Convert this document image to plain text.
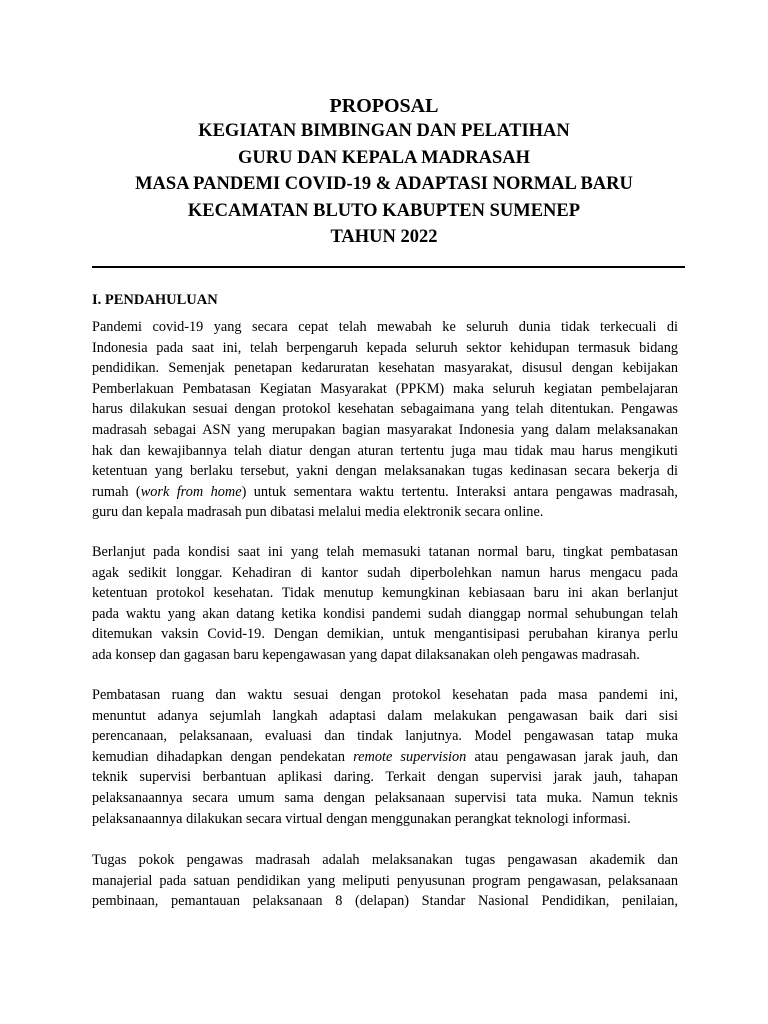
PROPOSAL
KEGIATAN BIMBINGAN DAN PELATIHAN
GURU DAN KEPALA MADRASAH
MASA PANDEMI COVID-19 & ADAPTASI NORMAL BARU
KECAMATAN BLUTO KABUPTEN SUMENEP
TAHUN 2022
I. PENDAHULUAN
Pandemi covid-19 yang secara cepat telah mewabah ke seluruh dunia tidak terkecuali di
Indonesia pada saat ini, telah berpengaruh kepada seluruh sektor kehidupan termasuk bidang
pendidikan. Semenjak penetapan kedaruratan kesehatan masyarakat, disusul dengan kebijakan
Pemberlakuan Pembatasan Kegiatan Masyarakat (PPKM) maka seluruh kegiatan pembelajaran
harus dilakukan sesuai dengan protokol kesehatan sebagaimana yang telah ditentukan. Pengawas
madrasah sebagai ASN yang merupakan bagian masyarakat Indonesia yang dalam melaksanakan
hak dan kewajibannya telah diatur dengan aturan tertentu juga mau tidak mau harus mengikuti
ketentuan yang berlaku tersebut, yakni dengan melaksanakan tugas kedinasan secara bekerja di
rumah (work from home) untuk sementara waktu tertentu. Interaksi antara pengawas madrasah,
guru dan kepala madrasah pun dibatasi melalui media elektronik secara online.
Berlanjut pada kondisi saat ini yang telah memasuki tatanan normal baru, tingkat pembatasan
agak sedikit longgar. Kehadiran di kantor sudah diperbolehkan namun harus mengacu pada
ketentuan protokol kesehatan. Tidak menutup kemungkinan kebiasaan baru ini akan berlanjut
pada waktu yang akan datang ketika kondisi pandemi sudah dianggap normal sehubungan telah
ditemukan vaksin Covid-19. Dengan demikian, untuk mengantisipasi perubahan kiranya perlu
ada konsep dan gagasan baru kepengawasan yang dapat dilaksanakan oleh pengawas madrasah.
Pembatasan ruang dan waktu sesuai dengan protokol kesehatan pada masa pandemi ini,
menuntut adanya sejumlah langkah adaptasi dalam melakukan pengawasan baik dari sisi
perencanaan, pelaksanaan, evaluasi dan tindak lanjutnya. Model pengawasan tatap muka
kemudian dihadapkan dengan pendekatan remote supervision atau pengawasan jarak jauh, dan
teknik supervisi berbantuan aplikasi daring. Terkait dengan supervisi jarak jauh, tahapan
pelaksanaannya secara umum sama dengan pelaksanaan supervisi tata muka. Namun teknis
pelaksanaannya dilakukan secara virtual dengan menggunakan perangkat teknologi informasi.
Tugas pokok pengawas madrasah adalah melaksanakan tugas pengawasan akademik dan
manajerial pada satuan pendidikan yang meliputi penyusunan program pengawasan, pelaksanaan
pembinaan, pemantauan pelaksanaan 8 (delapan) Standar Nasional Pendidikan, penilaian,
